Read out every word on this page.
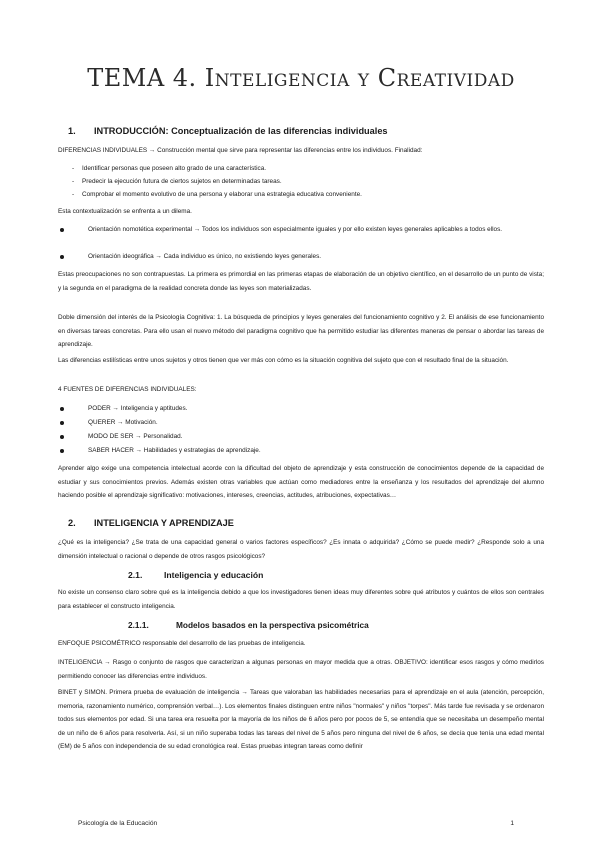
TEMA 4. Inteligencia y Creatividad
1. INTRODUCCIÓN: Conceptualización de las diferencias individuales
DIFERENCIAS INDIVIDUALES → Construcción mental que sirve para representar las diferencias entre los individuos. Finalidad:
- Identificar personas que poseen alto grado de una característica.
- Predecir la ejecución futura de ciertos sujetos en determinadas tareas.
- Comprobar el momento evolutivo de una persona y elaborar una estrategia educativa conveniente.
Esta contextualización se enfrenta a un dilema.
Orientación nomotética experimental → Todos los individuos son especialmente iguales y por ello existen leyes generales aplicables a todos ellos.
Orientación ideográfica → Cada individuo es único, no existiendo leyes generales.
Estas preocupaciones no son contrapuestas. La primera es primordial en las primeras etapas de elaboración de un objetivo científico, en el desarrollo de un punto de vista; y la segunda en el paradigma de la realidad concreta donde las leyes son materializadas.
Doble dimensión del interés de la Psicología Cognitiva: 1. La búsqueda de principios y leyes generales del funcionamiento cognitivo y 2. El análisis de ese funcionamiento en diversas tareas concretas. Para ello usan el nuevo método del paradigma cognitivo que ha permitido estudiar las diferentes maneras de pensar o abordar las tareas de aprendizaje.
Las diferencias estilísticas entre unos sujetos y otros tienen que ver más con cómo es la situación cognitiva del sujeto que con el resultado final de la situación.
4 FUENTES DE DIFERENCIAS INDIVIDUALES:
PODER → Inteligencia y aptitudes.
QUERER → Motivación.
MODO DE SER → Personalidad.
SABER HACER → Habilidades y estrategias de aprendizaje.
Aprender algo exige una competencia intelectual acorde con la dificultad del objeto de aprendizaje y esta construcción de conocimientos depende de la capacidad de estudiar y sus conocimientos previos. Además existen otras variables que actúan como mediadores entre la enseñanza y los resultados del aprendizaje del alumno haciendo posible el aprendizaje significativo: motivaciones, intereses, creencias, actitudes, atribuciones, expectativas…
2. INTELIGENCIA Y APRENDIZAJE
¿Qué es la inteligencia? ¿Se trata de una capacidad general o varios factores específicos? ¿Es innata o adquirida? ¿Cómo se puede medir? ¿Responde solo a una dimensión intelectual o racional o depende de otros rasgos psicológicos?
2.1.	Inteligencia y educación
No existe un consenso claro sobre qué es la inteligencia debido a que los investigadores tienen ideas muy diferentes sobre qué atributos y cuántos de ellos son centrales para establecer el constructo inteligencia.
2.1.1.	Modelos basados en la perspectiva psicométrica
ENFOQUE PSICOMÉTRICO responsable del desarrollo de las pruebas de inteligencia.
INTELIGENCIA → Rasgo o conjunto de rasgos que caracterizan a algunas personas en mayor medida que a otras. OBJETIVO: identificar esos rasgos y cómo medirlos permitiendo conocer las diferencias entre individuos.
BINET y SIMON. Primera prueba de evaluación de inteligencia → Tareas que valoraban las habilidades necesarias para el aprendizaje en el aula (atención, percepción, memoria, razonamiento numérico, comprensión verbal…). Los elementos finales distinguen entre niños "normales" y niños "torpes". Más tarde fue revisada y se ordenaron todos sus elementos por edad. Si una tarea era resuelta por la mayoría de los niños de 6 años pero por pocos de 5, se entendía que se necesitaba un desempeño mental de un niño de 6 años para resolverla. Así, si un niño superaba todas las tareas del nivel de 5 años pero ninguna del nivel de 6 años, se decía que tenía una edad mental (EM) de 5 años con independencia de su edad cronológica real. Estas pruebas integran tareas como definir
Psicología de la Educación	1
